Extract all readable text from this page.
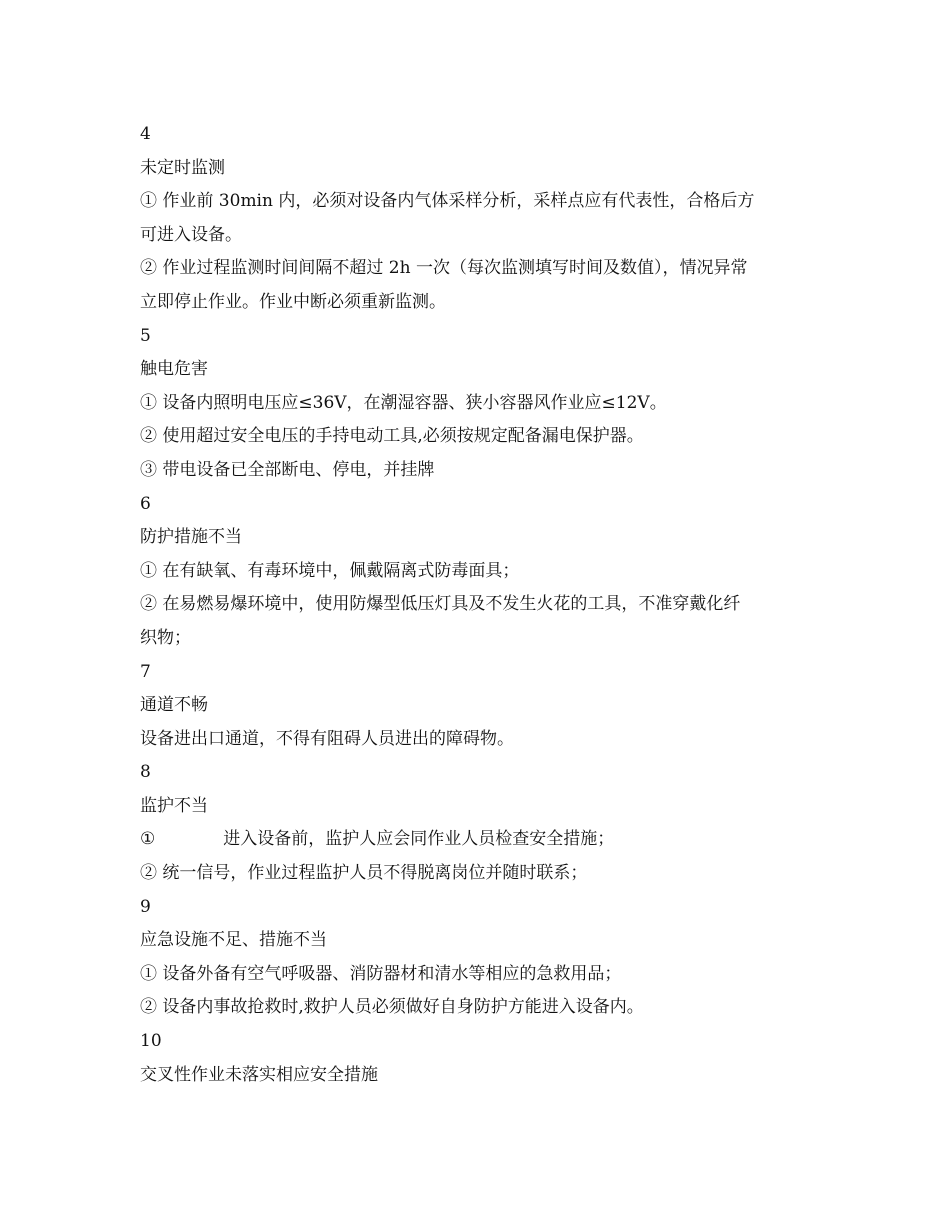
4
未定时监测
① 作业前 30min 内，必须对设备内气体采样分析，采样点应有代表性，合格后方
可进入设备。
② 作业过程监测时间间隔不超过 2h 一次（每次监测填写时间及数值），情况异常
立即停止作业。作业中断必须重新监测。
5
触电危害
① 设备内照明电压应≤36V，在潮湿容器、狭小容器风作业应≤12V。
② 使用超过安全电压的手持电动工具,必须按规定配备漏电保护器。
③ 带电设备已全部断电、停电，并挂牌
6
防护措施不当
① 在有缺氧、有毒环境中，佩戴隔离式防毒面具；
② 在易燃易爆环境中，使用防爆型低压灯具及不发生火花的工具，不准穿戴化纤
织物；
7
通道不畅
设备进出口通道，不得有阻碍人员进出的障碍物。
8
监护不当
①	进入设备前，监护人应会同作业人员检查安全措施；
② 统一信号，作业过程监护人员不得脱离岗位并随时联系；
9
应急设施不足、措施不当
① 设备外备有空气呼吸器、消防器材和清水等相应的急救用品；
② 设备内事故抢救时,救护人员必须做好自身防护方能进入设备内。
10
交叉性作业未落实相应安全措施
